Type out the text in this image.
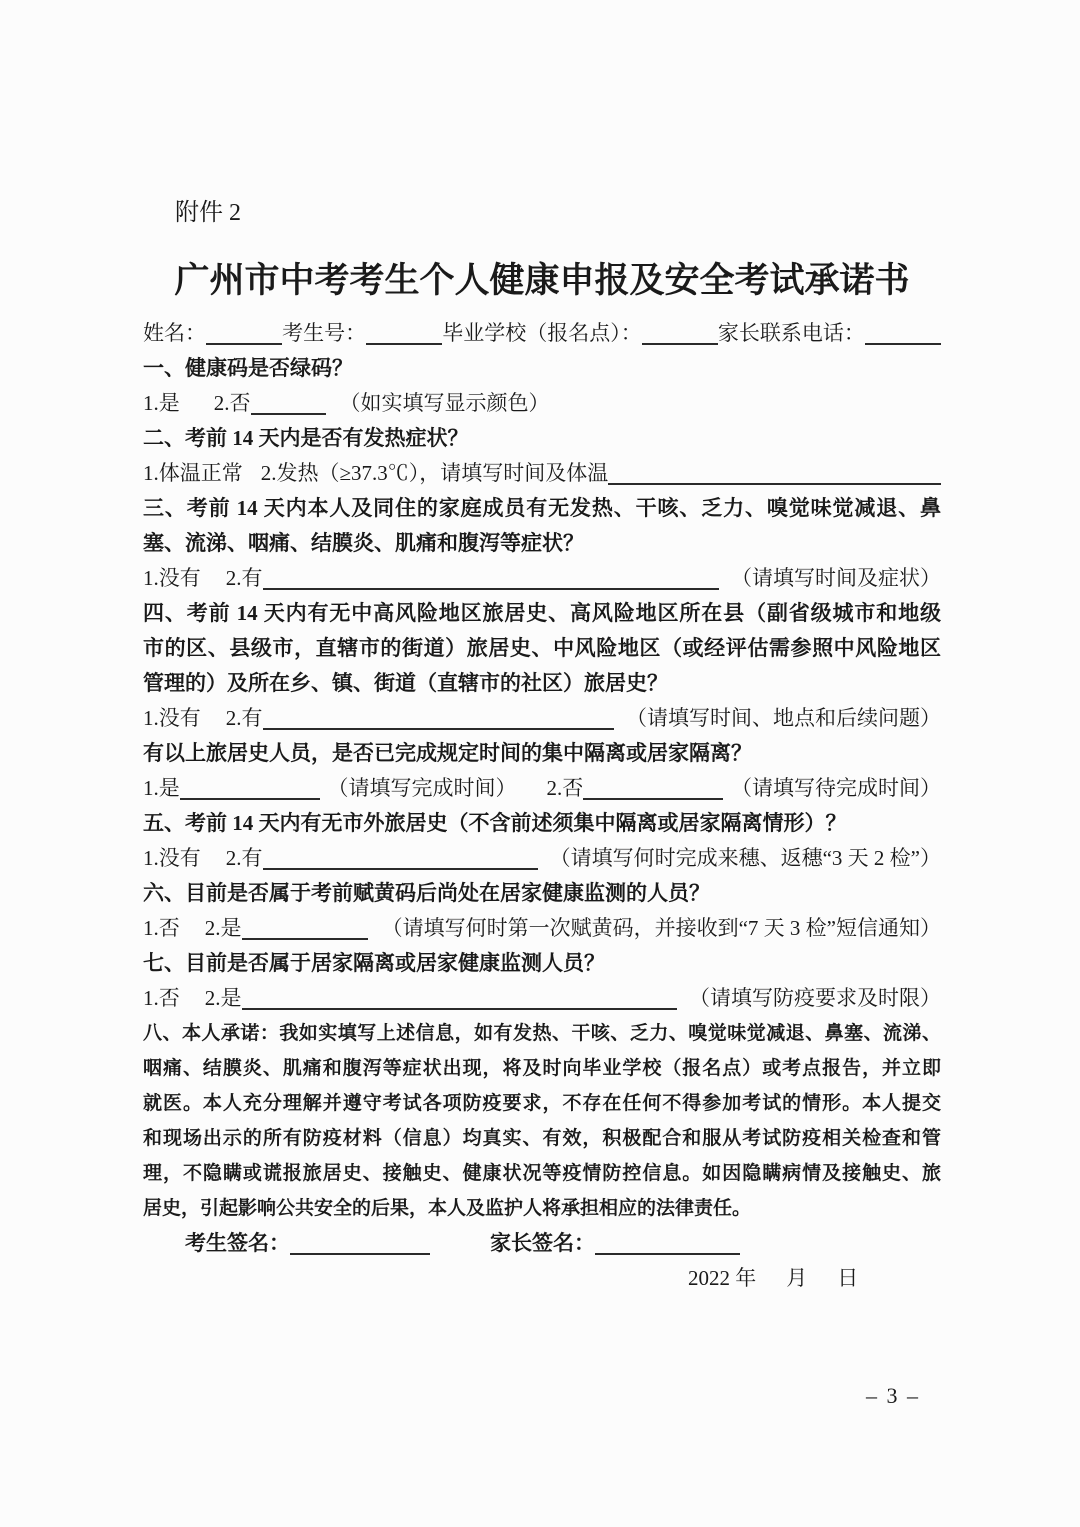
附件 2
广州市中考考生个人健康申报及安全考试承诺书
姓名：	考生号：	毕业学校（报名点）：	家长联系电话：
一、健康码是否绿码？
1.是 2.否	（如实填写显示颜色）
二、考前 14 天内是否有发热症状？
1.体温正常 2.发热（≥37.3℃），请填写时间及体温
三、考前 14 天内本人及同住的家庭成员有无发热、干咳、乏力、嗅觉味觉减退、鼻
塞、流涕、咽痛、结膜炎、肌痛和腹泻等症状？
1.没有 2.有	（请填写时间及症状）
四、考前 14 天内有无中高风险地区旅居史、高风险地区所在县（副省级城市和地级
市的区、县级市，直辖市的街道）旅居史、中风险地区（或经评估需参照中风险地区
管理的）及所在乡、镇、街道（直辖市的社区）旅居史？
1.没有 2.有	（请填写时间、地点和后续问题）
有以上旅居史人员，是否已完成规定时间的集中隔离或居家隔离？
1.是	（请填写完成时间） 2.否	（请填写待完成时间）
五、考前 14 天内有无市外旅居史（不含前述须集中隔离或居家隔离情形）？
1.没有 2.有	（请填写何时完成来穗、返穗“3 天 2 检”）
六、目前是否属于考前赋黄码后尚处在居家健康监测的人员？
1.否 2.是	（请填写何时第一次赋黄码，并接收到“7 天 3 检”短信通知）
七、目前是否属于居家隔离或居家健康监测人员？
1.否 2.是	（请填写防疫要求及时限）
八、本人承诺：我如实填写上述信息，如有发热、干咳、乏力、嗅觉味觉减退、鼻塞、流涕、
咽痛、结膜炎、肌痛和腹泻等症状出现，将及时向毕业学校（报名点）或考点报告，并立即
就医。本人充分理解并遵守考试各项防疫要求，不存在任何不得参加考试的情形。本人提交
和现场出示的所有防疫材料（信息）均真实、有效，积极配合和服从考试防疫相关检查和管
理，不隐瞒或谎报旅居史、接触史、健康状况等疫情防控信息。如因隐瞒病情及接触史、旅
居史，引起影响公共安全的后果，本人及监护人将承担相应的法律责任。
考生签名：	家长签名：
2022 年 月 日
– 3 –
